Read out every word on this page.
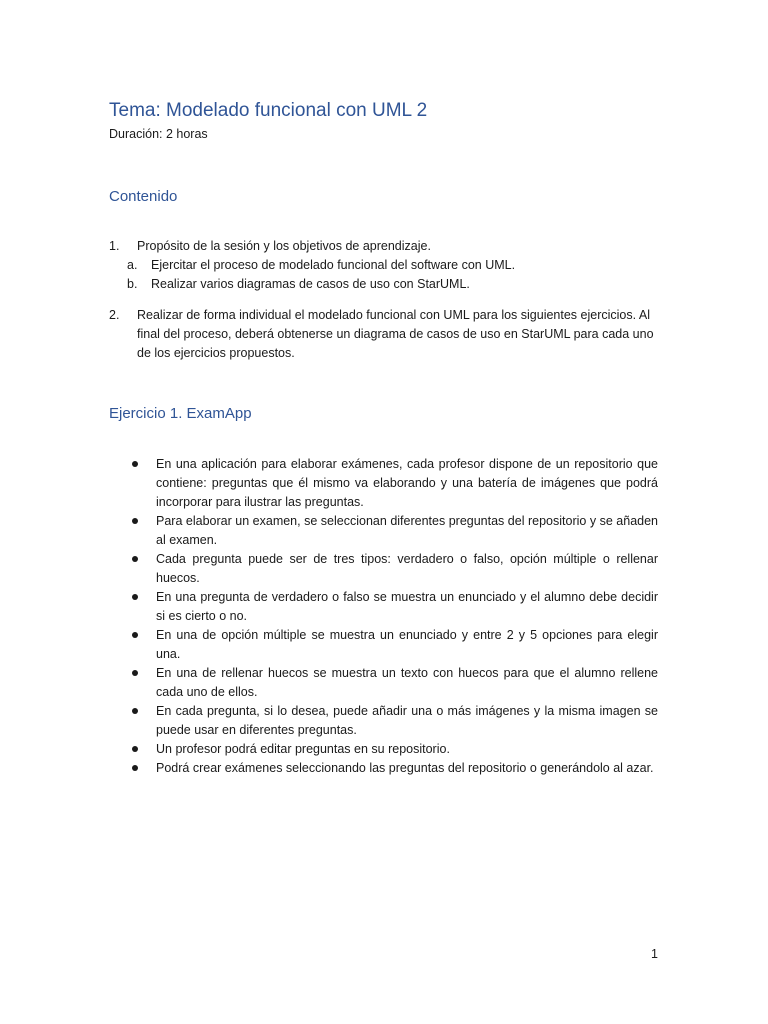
Tema: Modelado funcional con UML 2
Duración: 2 horas
Contenido
1. Propósito de la sesión y los objetivos de aprendizaje.
a. Ejercitar el proceso de modelado funcional del software con UML.
b. Realizar varios diagramas de casos de uso con StarUML.
2. Realizar de forma individual el modelado funcional con UML para los siguientes ejercicios. Al final del proceso, deberá obtenerse un diagrama de casos de uso en StarUML para cada uno de los ejercicios propuestos.
Ejercicio 1. ExamApp
En una aplicación para elaborar exámenes, cada profesor dispone de un repositorio que contiene: preguntas que él mismo va elaborando y una batería de imágenes que podrá incorporar para ilustrar las preguntas.
Para elaborar un examen, se seleccionan diferentes preguntas del repositorio y se añaden al examen.
Cada pregunta puede ser de tres tipos: verdadero o falso, opción múltiple o rellenar huecos.
En una pregunta de verdadero o falso se muestra un enunciado y el alumno debe decidir si es cierto o no.
En una de opción múltiple se muestra un enunciado y entre 2 y 5 opciones para elegir una.
En una de rellenar huecos se muestra un texto con huecos para que el alumno rellene cada uno de ellos.
En cada pregunta, si lo desea, puede añadir una o más imágenes y la misma imagen se puede usar en diferentes preguntas.
Un profesor podrá editar preguntas en su repositorio.
Podrá crear exámenes seleccionando las preguntas del repositorio o generándolo al azar.
1
